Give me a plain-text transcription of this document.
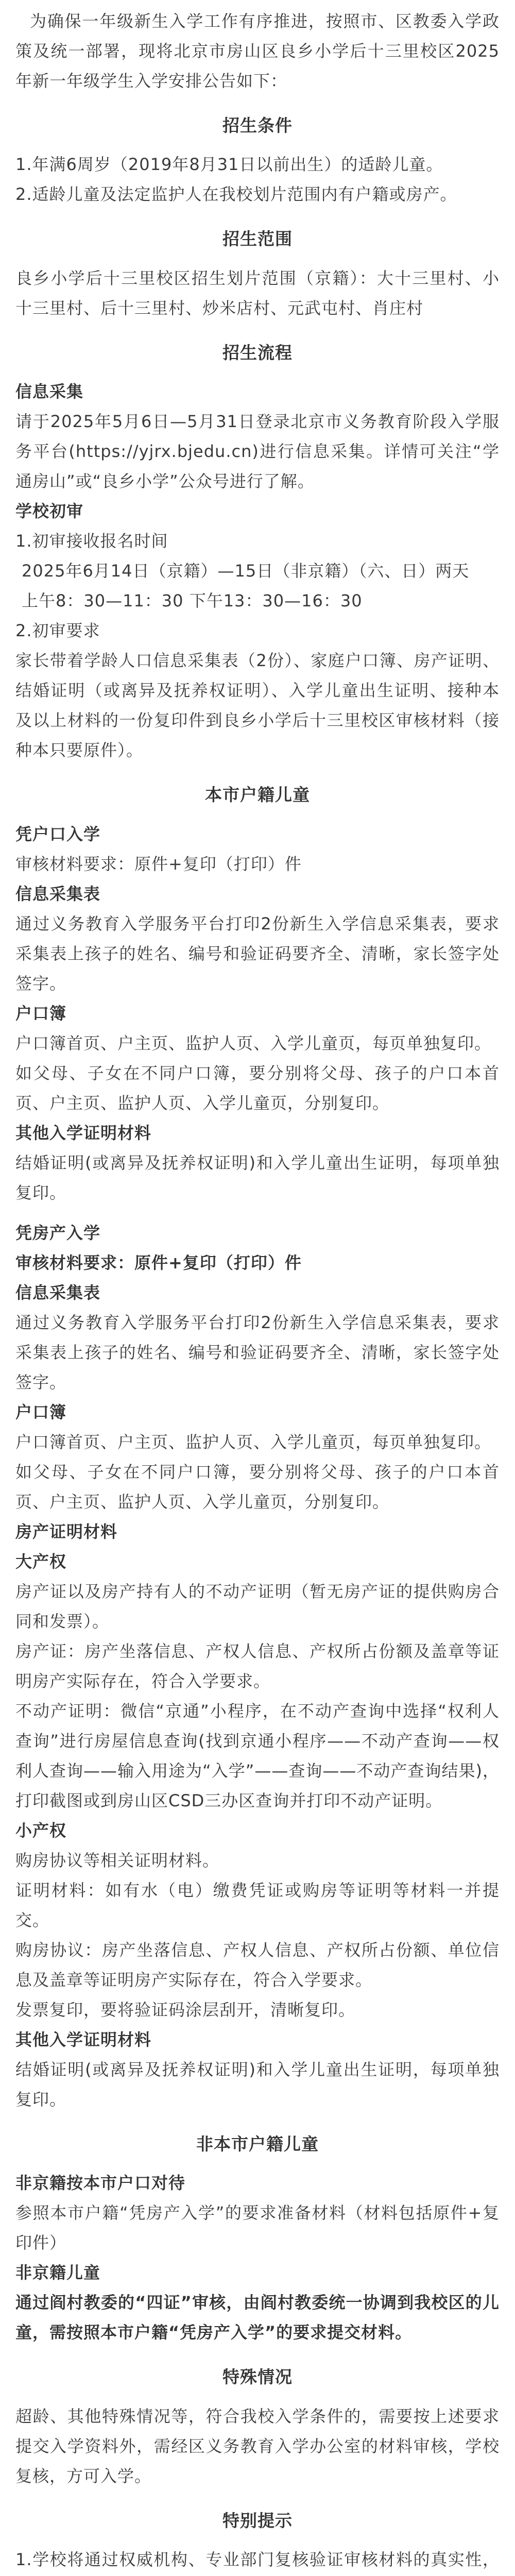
为确保一年级新生入学工作有序推进，按照市、区教委入学政策及统一部署，现将北京市房山区良乡小学后十三里校区2025年新一年级学生入学安排公告如下：

招生条件

1.年满6周岁（2019年8月31日以前出生）的适龄儿童。

2.适龄儿童及法定监护人在我校划片范围内有户籍或房产。

招生范围

良乡小学后十三里校区招生划片范围（京籍）：大十三里村、小十三里村、后十三里村、炒米店村、元武屯村、肖庄村

招生流程

信息采集

请于2025年5月6日—5月31日登录北京市义务教育阶段入学服务平台(https://yjrx.bjedu.cn)进行信息采集。详情可关注“学通房山”或“良乡小学”公众号进行了解。

学校初审

1.初审接收报名时间

2025年6月14日（京籍）—15日（非京籍）（六、日）两天

上午8：30—11：30 下午13：30—16：30

2.初审要求

家长带着学龄人口信息采集表（2份）、家庭户口簿、房产证明、结婚证明（或离异及抚养权证明）、入学儿童出生证明、接种本及以上材料的一份复印件到良乡小学后十三里校区审核材料（接种本只要原件）。

本市户籍儿童

凭户口入学

审核材料要求：原件+复印（打印）件

信息采集表

通过义务教育入学服务平台打印2份新生入学信息采集表，要求采集表上孩子的姓名、编号和验证码要齐全、清晰，家长签字处签字。

户口簿

户口簿首页、户主页、监护人页、入学儿童页，每页单独复印。

如父母、子女在不同户口簿，要分别将父母、孩子的户口本首页、户主页、监护人页、入学儿童页，分别复印。

其他入学证明材料

结婚证明(或离异及抚养权证明)和入学儿童出生证明，每项单独复印。

凭房产入学

审核材料要求：原件+复印（打印）件

信息采集表

通过义务教育入学服务平台打印2份新生入学信息采集表，要求采集表上孩子的姓名、编号和验证码要齐全、清晰，家长签字处签字。

户口簿

户口簿首页、户主页、监护人页、入学儿童页，每页单独复印。

如父母、子女在不同户口簿，要分别将父母、孩子的户口本首页、户主页、监护人页、入学儿童页，分别复印。

房产证明材料

大产权

房产证以及房产持有人的不动产证明（暂无房产证的提供购房合同和发票）。

房产证：房产坐落信息、产权人信息、产权所占份额及盖章等证明房产实际存在，符合入学要求。

不动产证明：微信“京通”小程序，在不动产查询中选择“权利人查询”进行房屋信息查询(找到京通小程序——不动产查询——权利人查询——输入用途为“入学”——查询——不动产查询结果)，打印截图或到房山区CSD三办区查询并打印不动产证明。

小产权

购房协议等相关证明材料。

证明材料：如有水（电）缴费凭证或购房等证明等材料一并提交。

购房协议：房产坐落信息、产权人信息、产权所占份额、单位信息及盖章等证明房产实际存在，符合入学要求。

发票复印，要将验证码涂层刮开，清晰复印。

其他入学证明材料

结婚证明(或离异及抚养权证明)和入学儿童出生证明，每项单独复印。

非本市户籍儿童

非京籍按本市户口对待

参照本市户籍“凭房产入学”的要求准备材料（材料包括原件+复印件）

非京籍儿童

通过阎村教委的“四证”审核，由阎村教委统一协调到我校区的儿童，需按照本市户籍“凭房产入学”的要求提交材料。

特殊情况

超龄、其他特殊情况等，符合我校入学条件的，需要按上述要求提交入学资料外，需经区义务教育入学办公室的材料审核，学校复核，方可入学。

特别提示

1.学校将通过权威机构、专业部门复核验证审核材料的真实性，
